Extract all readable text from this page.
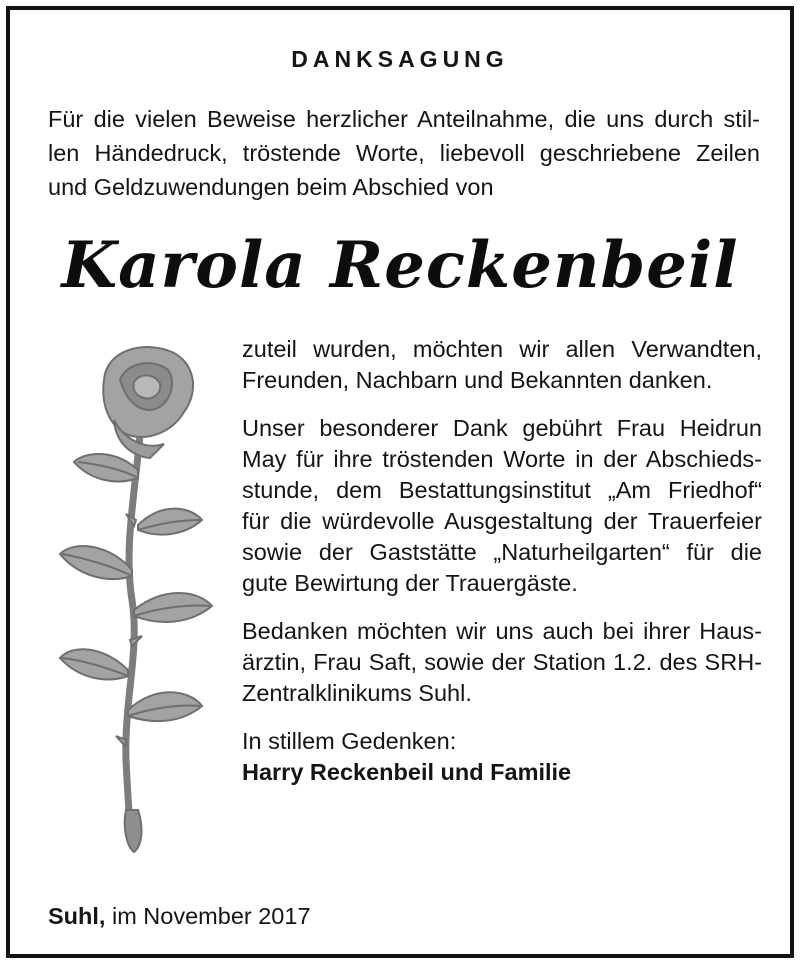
DANKSAGUNG
Für die vielen Beweise herzlicher Anteilnahme, die uns durch stil-
len Händedruck, tröstende Worte, liebevoll geschriebene Zeilen
und Geldzuwendungen beim Abschied von
Karola Reckenbeil

zuteil wurden, möchten wir allen Verwandten,
Freunden, Nachbarn und Bekannten danken.

Unser besonderer Dank gebührt Frau Heidrun
May für ihre tröstenden Worte in der Abschieds-
stunde, dem Bestattungsinstitut „Am Friedhof“
für die würdevolle Ausgestaltung der Trauerfeier
sowie der Gaststätte „Naturheilgarten“ für die
gute Bewirtung der Trauergäste.

Bedanken möchten wir uns auch bei ihrer Haus-
ärztin, Frau Saft, sowie der Station 1.2. des SRH-
Zentralklinikums Suhl.

In stillem Gedenken:
Harry Reckenbeil und Familie

Suhl, im November 2017
